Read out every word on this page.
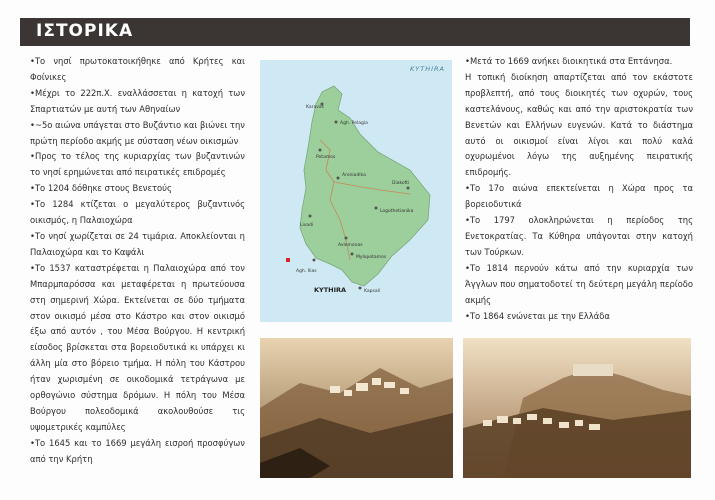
ΙΣΤΟΡΙΚΑ

•Το νησί πρωτοκατοικήθηκε από Κρήτες και Φοίνικες

•Μέχρι το 222π.Χ. εναλλάσσεται η κατοχή των Σπαρτιατών με αυτή των Αθηναίων

•~5ο αιώνα υπάγεται στο Βυζάντιο και βιώνει την πρώτη περίοδο ακμής με σύσταση νέων οικισμών

•Προς το τέλος της κυριαρχίας των βυζαντινών το νησί ερημώνεται από πειρατικές επιδρομές

•Το 1204 δόθηκε στους Βενετούς

•Το 1284 κτίζεται ο μεγαλύτερος βυζαντινός οικισμός, η Παλαιοχώρα

•Το νησί χωρίζεται σε 24 τιμάρια. Αποκλείονται η Παλαιοχώρα και το Καψάλι

•Το 1537 καταστρέφεται η Παλαιοχώρα από τον Μπαρμπαρόσσα και μεταφέρεται η πρωτεύουσα στη σημερινή Χώρα. Εκτείνεται σε δύο τμήματα στον οικισμό μέσα στο Κάστρο και στον οικισμό έξω από αυτόν , του Μέσα Βούργου. Η κεντρική είσοδος βρίσκεται στα βορειοδυτικά κι υπάρχει κι άλλη μία στο βόρειο τμήμα. Η πόλη του Κάστρου ήταν χωρισμένη σε οικοδομικά τετράγωνα με ορθογώνιο σύστημα δρόμων. Η πόλη του Μέσα Βούργου πολεοδομικά ακολουθούσε τις υψομετρικές καμπύλες

•Το 1645 και το 1669 μεγάλη εισροή προσφύγων από την Κρήτη

KYTHIRA
Karavas
Agh. Pelagia
Potamos
Aroniadika
Diakofti
Logothetianika
Livadi
Avlemonas
Mylopotamos
Kapsali
Agh. Ilias
KYTHIRA

•Μετά το 1669 ανήκει διοικητικά στα Επτάνησα.

Η τοπική διοίκηση απαρτίζεται από τον εκάστοτε προβλεπτή, από τους διοικητές των οχυρών, τους καστελάνους, καθώς και από την αριστοκρατία των Βενετών και Ελλήνων ευγενών. Κατά το διάστημα αυτό οι οικισμοί είναι λίγοι και πολύ καλά οχυρωμένοι λόγω της αυξημένης πειρατικής επιδρομής.

•Το 17ο αιώνα επεκτείνεται η Χώρα προς τα βορειοδυτικά

•Το 1797 ολοκληρώνεται η περίοδος της Ενετοκρατίας. Τα Κύθηρα υπάγονται στην κατοχή των Τούρκων.

•Το 1814 περνούν κάτω από την κυριαρχία των Άγγλων που σηματοδοτεί τη δεύτερη μεγάλη περίοδο ακμής

•Το 1864 ενώνεται με την Ελλάδα
